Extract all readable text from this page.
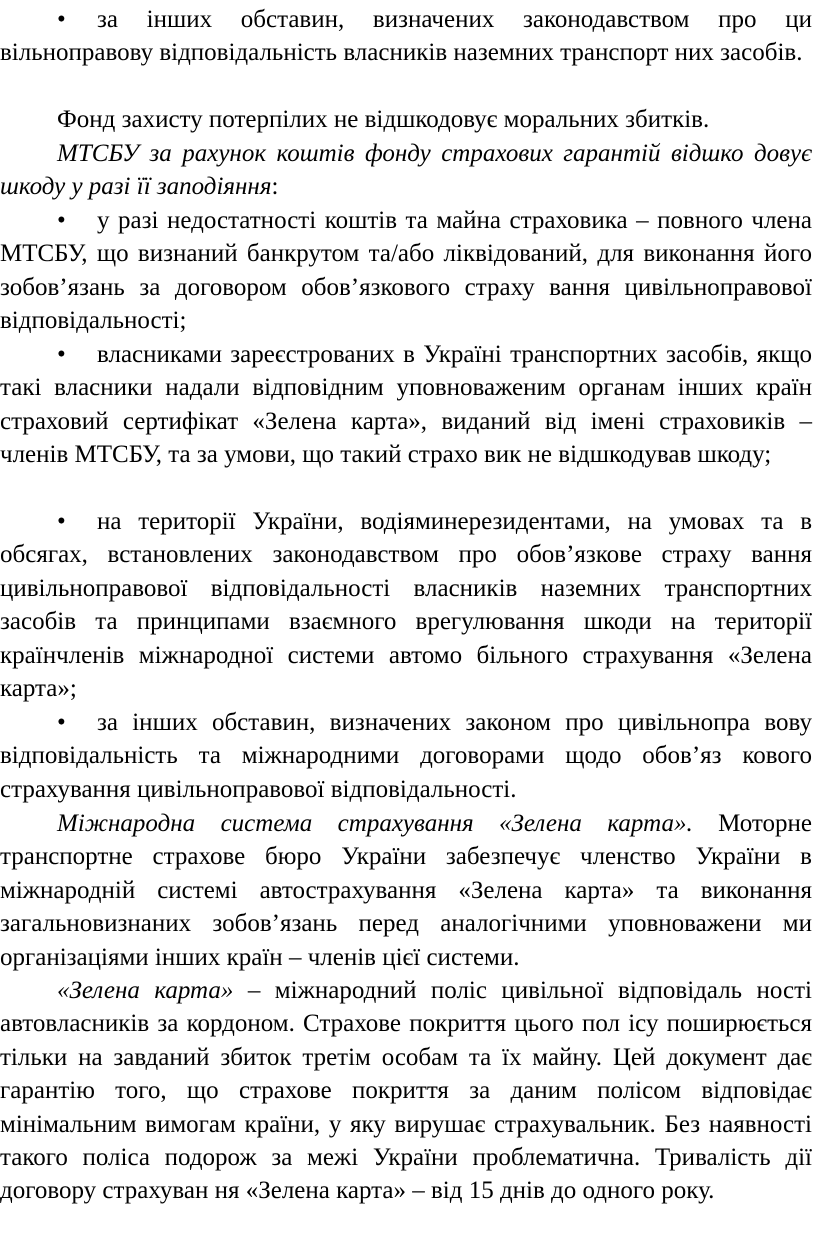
• за інших обставин, визначених законодавством про ци вільноправову відповідальність власників наземних транспорт них засобів.

Фонд захисту потерпілих не відшкодовує моральних збитків.

МТСБУ за рахунок коштів фонду страхових гарантій відшко довує шкоду у разі її заподіяння:

• у разі недостатності коштів та майна страховика – повного члена МТСБУ, що визнаний банкрутом та/або ліквідований, для виконання його зобов’язань за договором обов’язкового страху вання цивільноправової відповідальності;

• власниками зареєстрованих в Україні транспортних засобів, якщо такі власники надали відповідним уповноваженим органам інших країн страховий сертифікат «Зелена карта», виданий від імені страховиків – членів МТСБУ, та за умови, що такий страхо вик не відшкодував шкоду;

• на території України, водіяминерезидентами, на умовах та в обсягах, встановлених законодавством про обов’язкове страху вання цивільноправової відповідальності власників наземних транспортних засобів та принципами взаємного врегулювання шкоди на території країнчленів міжнародної системи автомо більного страхування «Зелена карта»;

• за інших обставин, визначених законом про цивільнопра вову відповідальність та міжнародними договорами щодо обов’яз кового страхування цивільноправової відповідальності.

Міжнародна система страхування «Зелена карта». Моторне транспортне страхове бюро України забезпечує членство України в міжнародній системі автострахування «Зелена карта» та виконання загальновизнаних зобов’язань перед аналогічними уповноважени ми організаціями інших країн – членів цієї системи.

«Зелена карта» – міжнародний поліс цивільної відповідаль ності автовласників за кордоном. Страхове покриття цього пол ісу поширюється тільки на завданий збиток третім особам та їх майну. Цей документ дає гарантію того, що страхове покриття за даним полісом відповідає мінімальним вимогам країни, у яку вирушає страхувальник. Без наявності такого поліса подорож за межі України проблематична. Тривалість дії договору страхуван ня «Зелена карта» – від 15 днів до одного року.
